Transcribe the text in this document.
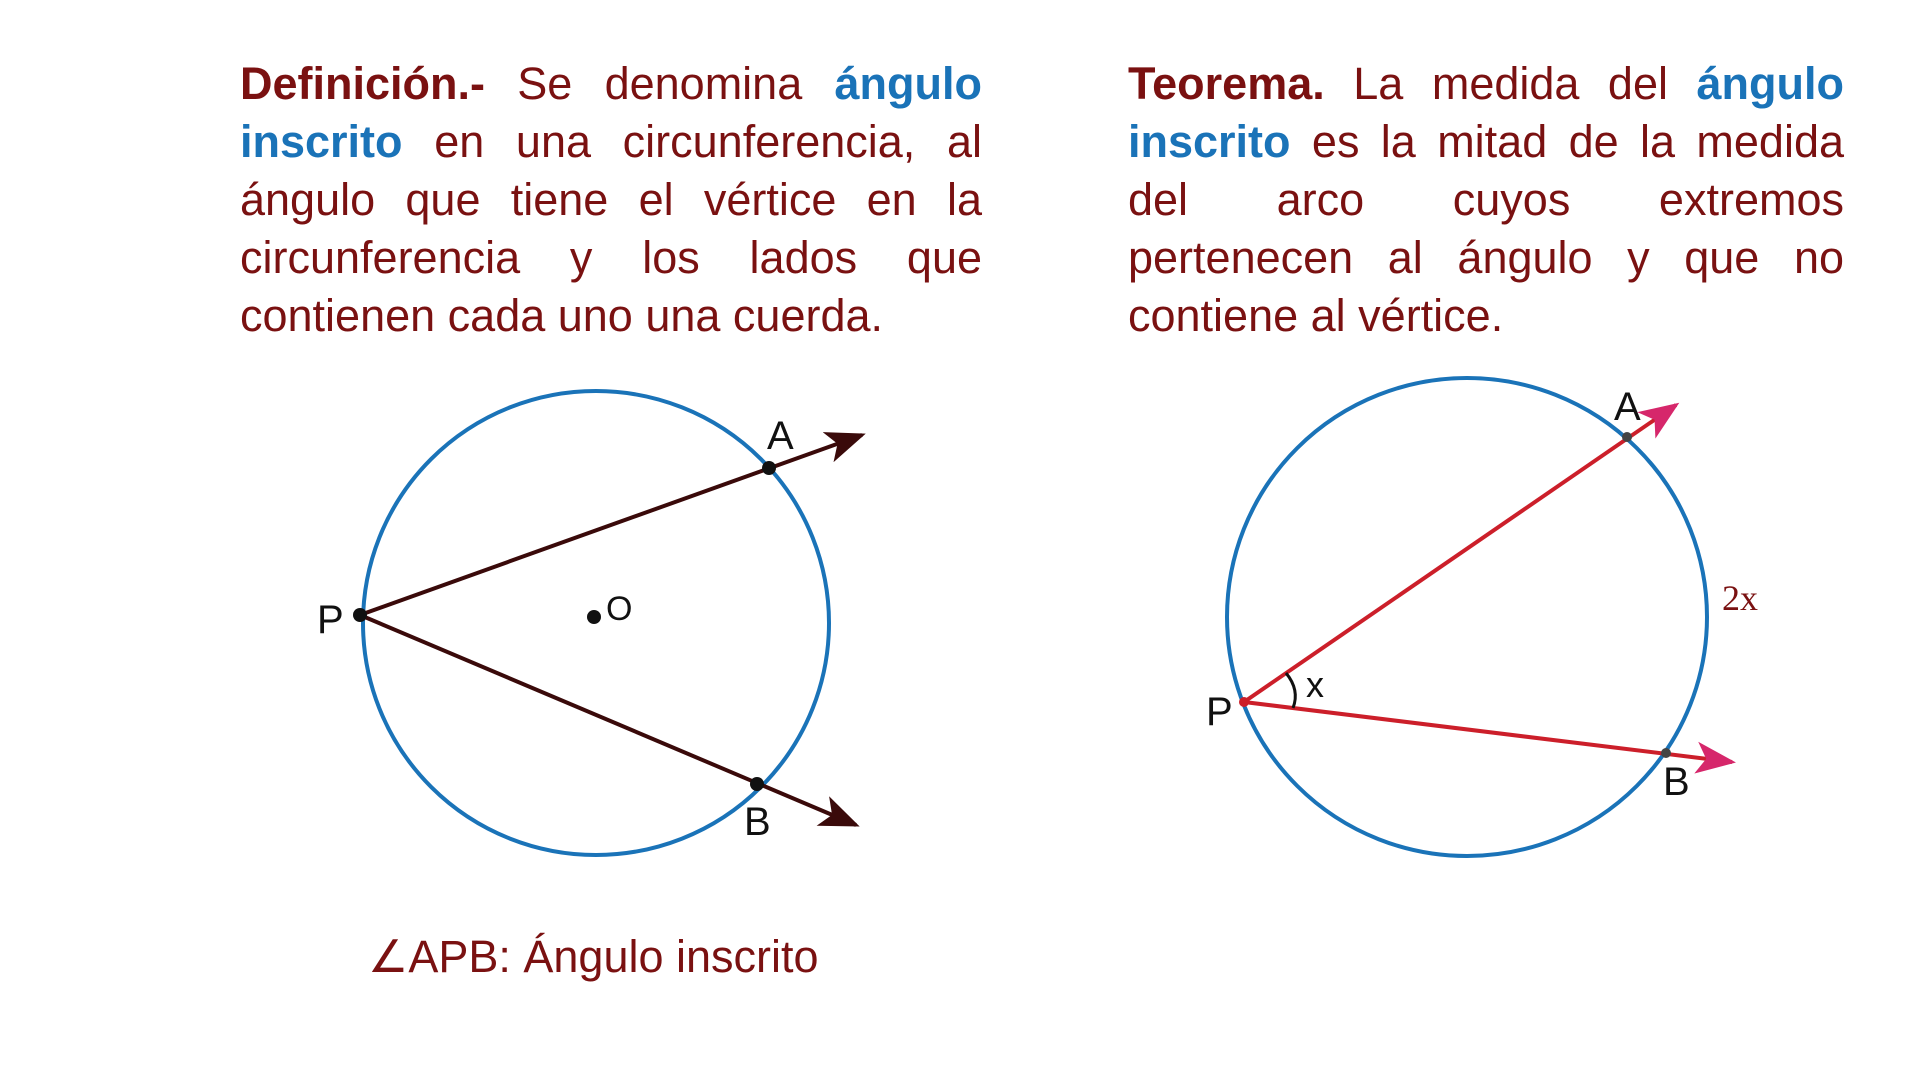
Definición.- Se denomina ángulo inscrito en una circunferencia, al ángulo que tiene el vértice en la circunferencia y los lados que contienen cada uno una cuerda.

Teorema. La medida del ángulo inscrito es la mitad de la medida del arco cuyos extremos pertenecen al ángulo y que no contiene al vértice.

P
A
B
O
P
A
B
x
2x
∠APB: Ángulo inscrito
